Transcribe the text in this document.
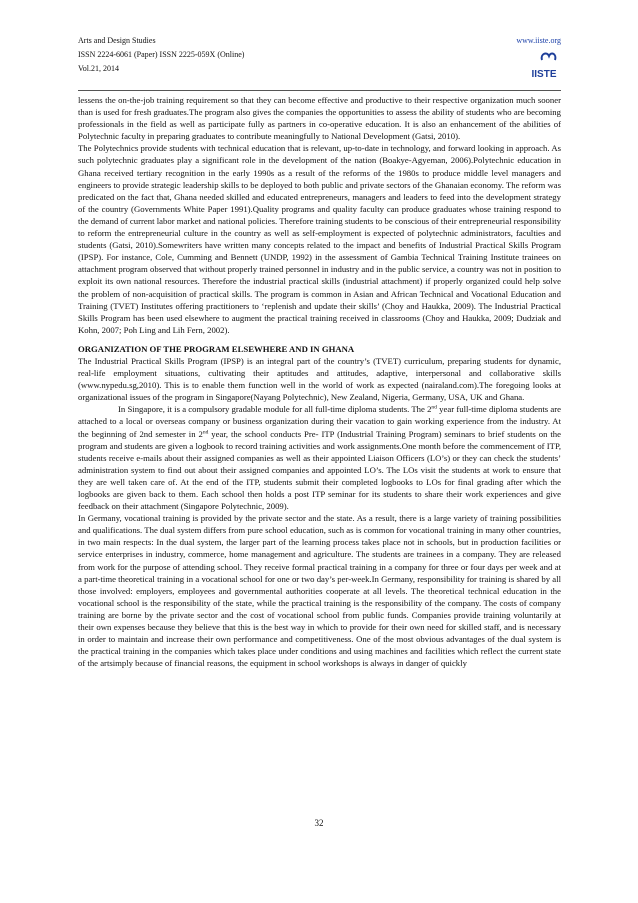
Arts and Design Studies
ISSN 2224-6061 (Paper) ISSN 2225-059X (Online)
Vol.21, 2014
www.iiste.org
IISTE

lessens the on-the-job training requirement so that they can become effective and productive to their respective organization much sooner than is used for fresh graduates.The program also gives the companies the opportunities to assess the ability of students who are becoming professionals in the field as well as participate fully as partners in co-operative education. It is also an enhancement of the abilities of Polytechnic faculty in preparing graduates to contribute meaningfully to National Development (Gatsi, 2010).

The Polytechnics provide students with technical education that is relevant, up-to-date in technology, and forward looking in approach. As such polytechnic graduates play a significant role in the development of the nation (Boakye-Agyeman, 2006).Polytechnic education in Ghana received tertiary recognition in the early 1990s as a result of the reforms of the 1980s to produce middle level managers and engineers to provide strategic leadership skills to be deployed to both public and private sectors of the Ghanaian economy. The reform was predicated on the fact that, Ghana needed skilled and educated entrepreneurs, managers and leaders to feed into the development strategy of the country (Governments White Paper 1991).Quality programs and quality faculty can produce graduates whose training respond to the demand of current labor market and national policies. Therefore training students to be conscious of their entrepreneurial responsibility to reform the entrepreneurial culture in the country as well as self-employment is expected of polytechnic administrators, faculties and students (Gatsi, 2010).Somewriters have written many concepts related to the impact and benefits of Industrial Practical Skills Program (IPSP). For instance, Cole, Cumming and Bennett (UNDP, 1992) in the assessment of Gambia Technical Training Institute trainees on attachment program observed that without properly trained personnel in industry and in the public service, a country was not in position to exploit its own national resources. Therefore the industrial practical skills (industrial attachment) if properly organized could help solve the problem of non-acquisition of practical skills. The program is common in Asian and African Technical and Vocational Education and Training (TVET) Institutes offering practitioners to ‘replenish and update their skills’ (Choy and Haukka, 2009). The Industrial Practical Skills Program has been used elsewhere to augment the practical training received in classrooms (Choy and Haukka, 2009; Dudziak and Kohn, 2007; Poh Ling and Lih Fern, 2002).

ORGANIZATION OF THE PROGRAM ELSEWHERE AND IN GHANA

The Industrial Practical Skills Program (IPSP) is an integral part of the country’s (TVET) curriculum, preparing students for dynamic, real-life employment situations, cultivating their aptitudes and attitudes, adaptive, interpersonal and collaborative skills (www.nypedu.sg,2010). This is to enable them function well in the world of work as expected (nairaland.com).The foregoing looks at organizational issues of the program in Singapore(Nayang Polytechnic), New Zealand, Nigeria, Germany, USA, UK and Ghana.

In Singapore, it is a compulsory gradable module for all full-time diploma students. The 2nd year full-time diploma students are attached to a local or overseas company or business organization during their vacation to gain working experience from the industry. At the beginning of 2nd semester in 2nd year, the school conducts Pre- ITP (Industrial Training Program) seminars to brief students on the program and students are given a logbook to record training activities and work assignments.One month before the commencement of ITP, students receive e-mails about their assigned companies as well as their appointed Liaison Officers (LO’s) or they can check the students’ administration system to find out about their assigned companies and appointed LO’s. The LOs visit the students at work to ensure that they are well taken care of. At the end of the ITP, students submit their completed logbooks to LOs for final grading after which the logbooks are given back to them. Each school then holds a post ITP seminar for its students to share their work experiences and give feedback on their attachment (Singapore Polytechnic, 2009).

In Germany, vocational training is provided by the private sector and the state. As a result, there is a large variety of training possibilities and qualifications. The dual system differs from pure school education, such as is common for vocational training in many other countries, in two main respects: In the dual system, the larger part of the learning process takes place not in schools, but in production facilities or service enterprises in industry, commerce, home management and agriculture. The students are trainees in a company. They are released from work for the purpose of attending school. They receive formal practical training in a company for three or four days per week and at a part-time theoretical training in a vocational school for one or two day’s per-week.In Germany, responsibility for training is shared by all those involved: employers, employees and governmental authorities cooperate at all levels. The theoretical technical education in the vocational school is the responsibility of the state, while the practical training is the responsibility of the company. The costs of company training are borne by the private sector and the cost of vocational school from public funds. Companies provide training voluntarily at their own expenses because they believe that this is the best way in which to provide for their own need for skilled staff, and is necessary in order to maintain and increase their own performance and competitiveness. One of the most obvious advantages of the dual system is the practical training in the companies which takes place under conditions and using machines and facilities which reflect the current state of the artsimply because of financial reasons, the equipment in school workshops is always in danger of quickly

32
